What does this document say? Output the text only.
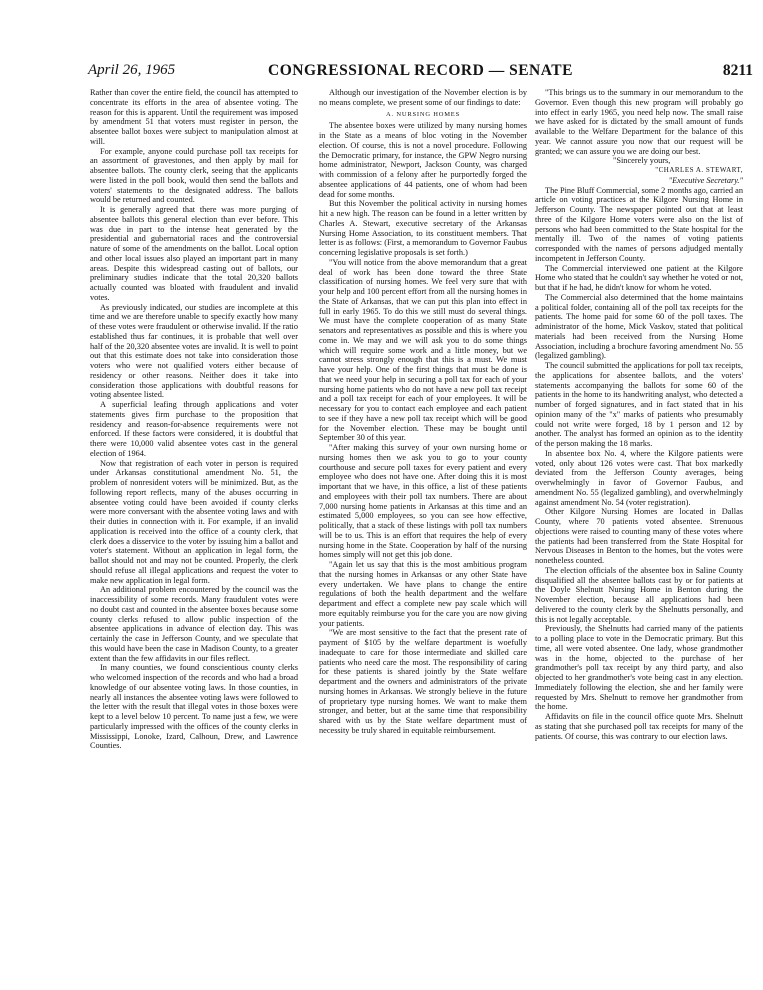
April 26, 1965	CONGRESSIONAL RECORD — SENATE	8211

Rather than cover the entire field, the council has attempted to concentrate its efforts in the area of absentee voting. The reason for this is apparent. Until the requirement was imposed by amendment 51 that voters must register in person, the absentee ballot boxes were subject to manipulation almost at will.

For example, anyone could purchase poll tax receipts for an assortment of gravestones, and then apply by mail for absentee ballots. The county clerk, seeing that the applicants were listed in the poll book, would then send the ballots and voters' statements to the designated address. The ballots would be returned and counted.

It is generally agreed that there was more purging of absentee ballots this general election than ever before. This was due in part to the intense heat generated by the presidential and gubernatorial races and the controversial nature of some of the amendments on the ballot. Local option and other local issues also played an important part in many areas. Despite this widespread casting out of ballots, our preliminary studies indicate that the total 20,320 ballots actually counted was bloated with fraudulent and invalid votes.

As previously indicated, our studies are incomplete at this time and we are therefore unable to specify exactly how many of these votes were fraudulent or otherwise invalid. If the ratio established thus far continues, it is probable that well over half of the 20,320 absentee votes are invalid. It is well to point out that this estimate does not take into consideration those voters who were not qualified voters either because of residency or other reasons. Neither does it take into consideration those applications with doubtful reasons for voting absentee listed.

A superficial leafing through applications and voter statements gives firm purchase to the proposition that residency and reason-for-absence requirements were not enforced. If these factors were considered, it is doubtful that there were 10,000 valid absentee votes cast in the general election of 1964.

Now that registration of each voter in person is required under Arkansas constitutional amendment No. 51, the problem of nonresident voters will be minimized. But, as the following report reflects, many of the abuses occurring in absentee voting could have been avoided if county clerks were more conversant with the absentee voting laws and with their duties in connection with it. For example, if an invalid application is received into the office of a county clerk, that clerk does a disservice to the voter by issuing him a ballot and voter's statement. Without an application in legal form, the ballot should not and may not be counted. Properly, the clerk should refuse all illegal applications and request the voter to make new application in legal form.

An additional problem encountered by the council was the inaccessibility of some records. Many fraudulent votes were no doubt cast and counted in the absentee boxes because some county clerks refused to allow public inspection of the absentee applications in advance of election day. This was certainly the case in Jefferson County, and we speculate that this would have been the case in Madison County, to a greater extent than the few affidavits in our files reflect.

In many counties, we found conscientious county clerks who welcomed inspection of the records and who had a broad knowledge of our absentee voting laws. In those counties, in nearly all instances the absentee voting laws were followed to the letter with the result that illegal votes in those boxes were kept to a level below 10 percent. To name just a few, we were particularly impressed with the offices of the county clerks in Mississippi, Lonoke, Izard, Calhoun, Drew, and Lawrence Counties.

Although our investigation of the November election is by no means complete, we present some of our findings to date:

A. NURSING HOMES

The absentee boxes were utilized by many nursing homes in the State as a means of bloc voting in the November election. Of course, this is not a novel procedure. Following the Democratic primary, for instance, the GPW Negro nursing home administrator, Newport, Jackson County, was charged with commission of a felony after he purportedly forged the absentee applications of 44 patients, one of whom had been dead for some months.

But this November the political activity in nursing homes hit a new high. The reason can be found in a letter written by Charles A. Stewart, executive secretary of the Arkansas Nursing Home Association, to its constituent members. That letter is as follows: (First, a memorandum to Governor Faubus concerning legislative proposals is set forth.)

"You will notice from the above memorandum that a great deal of work has been done toward the three State classification of nursing homes. We feel very sure that with your help and 100 percent effort from all the nursing homes in the State of Arkansas, that we can put this plan into effect in full in early 1965. To do this we still must do several things. We must have the complete cooperation of as many State senators and representatives as possible and this is where you come in. We may and we will ask you to do some things which will require some work and a little money, but we cannot stress strongly enough that this is a must. We must have your help. One of the first things that must be done is that we need your help in securing a poll tax for each of your nursing home patients who do not have a new poll tax receipt and a poll tax receipt for each of your employees. It will be necessary for you to contact each employee and each patient to see if they have a new poll tax receipt which will be good for the November election. These may be bought until September 30 of this year.

"After making this survey of your own nursing home or nursing homes then we ask you to go to your county courthouse and secure poll taxes for every patient and every employee who does not have one. After doing this it is most important that we have, in this office, a list of these patients and employees with their poll tax numbers. There are about 7,000 nursing home patients in Arkansas at this time and an estimated 5,000 employees, so you can see how effective, politically, that a stack of these listings with poll tax numbers will be to us. This is an effort that requires the help of every nursing home in the State. Cooperation by half of the nursing homes simply will not get this job done.

"Again let us say that this is the most ambitious program that the nursing homes in Arkansas or any other State have every undertaken. We have plans to change the entire regulations of both the health department and the welfare department and effect a complete new pay scale which will more equitably reimburse you for the care you are now giving your patients.

"We are most sensitive to the fact that the present rate of payment of $105 by the welfare department is woefully inadequate to care for those intermediate and skilled care patients who need care the most. The responsibility of caring for these patients is shared jointly by the State welfare department and the owners and administrators of the private nursing homes in Arkansas. We strongly believe in the future of proprietary type nursing homes. We want to make them stronger, and better, but at the same time that responsibility shared with us by the State welfare department must of necessity be truly shared in equitable reimbursement.

"This brings us to the summary in our memorandum to the Governor. Even though this new program will probably go into effect in early 1965, you need help now. The small raise we have asked for is dictated by the small amount of funds available to the Welfare Department for the balance of this year. We cannot assure you now that our request will be granted; we can assure you we are doing our best.

"Sincerely yours,

"CHARLES A. STEWART,
"Executive Secretary."

The Pine Bluff Commercial, some 2 months ago, carried an article on voting practices at the Kilgore Nursing Home in Jefferson County. The newspaper pointed out that at least three of the Kilgore Home voters were also on the list of persons who had been committed to the State hospital for the mentally ill. Two of the names of voting patients corresponded with the names of persons adjudged mentally incompetent in Jefferson County.

The Commercial interviewed one patient at the Kilgore Home who stated that he couldn't say whether he voted or not, but that if he had, he didn't know for whom he voted.

The Commercial also determined that the home maintains a political folder, containing all of the poll tax receipts for the patients. The home paid for some 60 of the poll taxes. The administrator of the home, Mick Vaskov, stated that political materials had been received from the Nursing Home Association, including a brochure favoring amendment No. 55 (legalized gambling).

The council submitted the applications for poll tax receipts, the applications for absentee ballots, and the voters' statements accompanying the ballots for some 60 of the patients in the home to its handwriting analyst, who detected a number of forged signatures, and in fact stated that in his opinion many of the "x" marks of patients who presumably could not write were forged, 18 by 1 person and 12 by another. The analyst has formed an opinion as to the identity of the person making the 18 marks.

In absentee box No. 4, where the Kilgore patients were voted, only about 126 votes were cast. That box markedly deviated from the Jefferson County averages, being overwhelmingly in favor of Governor Faubus, and amendment No. 55 (legalized gambling), and overwhelmingly against amendment No. 54 (voter registration).

Other Kilgore Nursing Homes are located in Dallas County, where 70 patients voted absentee. Strenuous objections were raised to counting many of these votes where the patients had been transferred from the State Hospital for Nervous Diseases in Benton to the homes, but the votes were nonetheless counted.

The election officials of the absentee box in Saline County disqualified all the absentee ballots cast by or for patients at the Doyle Shelnutt Nursing Home in Benton during the November election, because all applications had been delivered to the county clerk by the Shelnutts personally, and this is not legally acceptable.

Previously, the Shelnutts had carried many of the patients to a polling place to vote in the Democratic primary. But this time, all were voted absentee. One lady, whose grandmother was in the home, objected to the purchase of her grandmother's poll tax receipt by any third party, and also objected to her grandmother's vote being cast in any election. Immediately following the election, she and her family were requested by Mrs. Shelnutt to remove her grandmother from the home.

Affidavits on file in the council office quote Mrs. Shelnutt as stating that she purchased poll tax receipts for many of the patients. Of course, this was contrary to our election laws.
